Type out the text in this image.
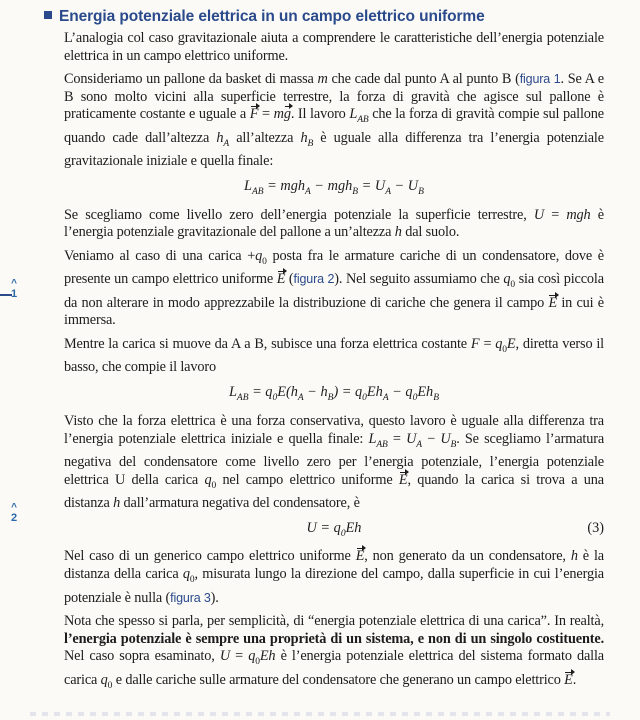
Energia potenziale elettrica in un campo elettrico uniforme
^
1
^
2

L’analogia col caso gravitazionale aiuta a comprendere le caratteristiche dell’energia potenziale elettrica in un campo elettrico uniforme.

Consideriamo un pallone da basket di massa m che cade dal punto A al punto B (figura 1. Se A e B sono molto vicini alla superficie terrestre, la forza di gravità che agisce sul pallone è praticamente costante e uguale a F = mg. Il lavoro $L_{AB}$ che la forza di gravità compie sul pallone quando cade dall’altezza $h_A$ all’altezza $h_B$ è uguale alla differenza tra l’energia potenziale gravitazionale iniziale e quella finale:

$L_{AB} = mgh_A - mgh_B = U_A - U_B$

Se scegliamo come livello zero dell’energia potenziale la superficie terrestre, U = mgh è l’energia potenziale gravitazionale del pallone a un’altezza h dal suolo.

Veniamo al caso di una carica $+q_0$ posta fra le armature cariche di un condensatore, dove è presente un campo elettrico uniforme E (figura 2). Nel seguito assumiamo che $q_0$ sia così piccola da non alterare in modo apprezzabile la distribuzione di cariche che genera il campo E in cui è immersa.

Mentre la carica si muove da A a B, subisce una forza elettrica costante $F = q_0E$, diretta verso il basso, che compie il lavoro

$L_{AB} = q_0E(h_A - h_B) = q_0Eh_A - q_0Eh_B$

Visto che la forza elettrica è una forza conservativa, questo lavoro è uguale alla differenza tra l’energia potenziale elettrica iniziale e quella finale: $L_{AB} = U_A - U_B$. Se scegliamo l’armatura negativa del condensatore come livello zero per l’energia potenziale, l’energia potenziale elettrica U della carica $q_0$ nel campo elettrico uniforme E, quando la carica si trova a una distanza h dall’armatura negativa del condensatore, è

$U = q_0Eh$	(3)

Nel caso di un generico campo elettrico uniforme E, non generato da un condensatore, h è la distanza della carica $q_0$, misurata lungo la direzione del campo, dalla superficie in cui l’energia potenziale è nulla (figura 3).

Nota che spesso si parla, per semplicità, di “energia potenziale elettrica di una carica”. In realtà, l’energia potenziale è sempre una proprietà di un sistema, e non di un singolo costituente. Nel caso sopra esaminato, $U = q_0Eh$ è l’energia potenziale elettrica del sistema formato dalla carica $q_0$ e dalle cariche sulle armature del condensatore che generano un campo elettrico E.
